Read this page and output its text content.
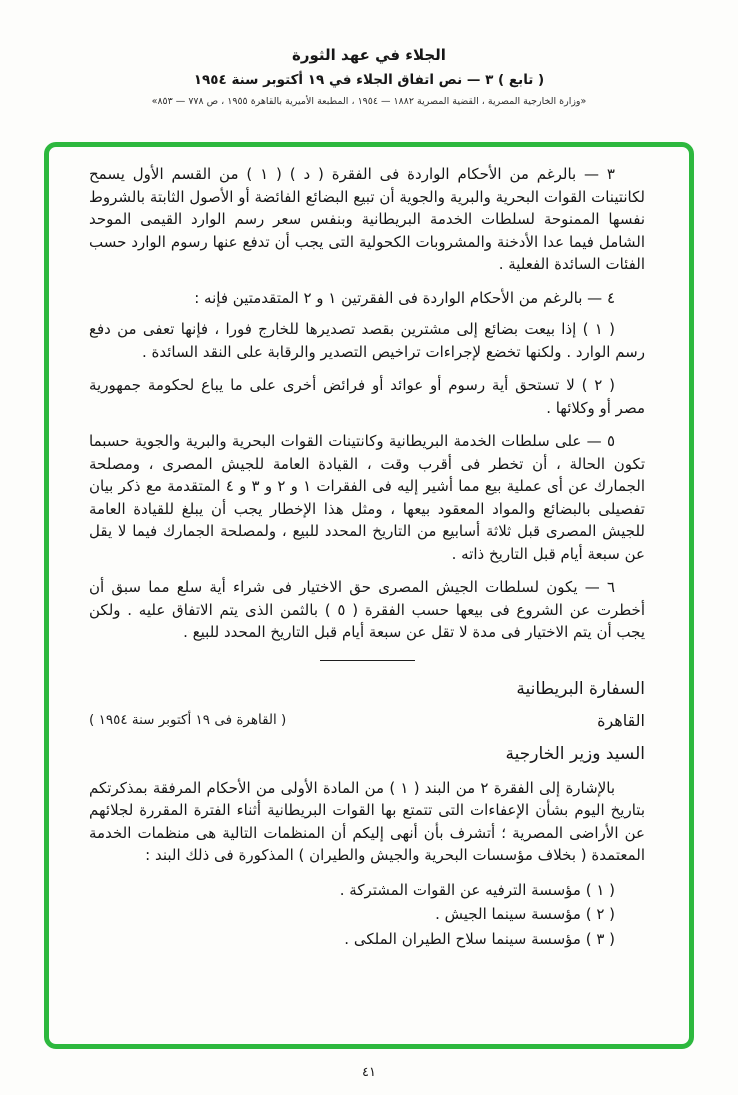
الجلاء في عهد الثورة
( تابع ) ٣ — نص اتفاق الجلاء في ١٩ أكتوبر سنة ١٩٥٤
«وزارة الخارجية المصرية ، القضية المصرية ١٨٨٢ — ١٩٥٤ ، المطبعة الأميرية بالقاهرة ١٩٥٥ ، ص ٧٧٨ — ٨٥٣»

٣ — بالرغم من الأحكام الواردة فى الفقرة ( د ) ( ١ ) من القسم الأول يسمح لكانتينات القوات البحرية والبرية والجوية أن تبيع البضائع الفائضة أو الأصول الثابتة بالشروط نفسها الممنوحة لسلطات الخدمة البريطانية وبنفس سعر رسم الوارد القيمى الموحد الشامل فيما عدا الأدخنة والمشروبات الكحولية التى يجب أن تدفع عنها رسوم الوارد حسب الفئات السائدة الفعلية .

٤ — بالرغم من الأحكام الواردة فى الفقرتين ١ و ٢ المتقدمتين فإنه :

( ١ ) إذا بيعت بضائع إلى مشترين بقصد تصديرها للخارج فورا ، فإنها تعفى من دفع رسم الوارد . ولكنها تخضع لإجراءات تراخيص التصدير والرقابة على النقد السائدة .

( ٢ ) لا تستحق أية رسوم أو عوائد أو فرائض أخرى على ما يباع لحكومة جمهورية مصر أو وكلائها .

٥ — على سلطات الخدمة البريطانية وكانتينات القوات البحرية والبرية والجوية حسبما تكون الحالة ، أن تخطر فى أقرب وقت ، القيادة العامة للجيش المصرى ، ومصلحة الجمارك عن أى عملية بيع مما أشير إليه فى الفقرات ١ و ٢ و ٣ و ٤ المتقدمة مع ذكر بيان تفصيلى بالبضائع والمواد المعقود بيعها ، ومثل هذا الإخطار يجب أن يبلغ للقيادة العامة للجيش المصرى قبل ثلاثة أسابيع من التاريخ المحدد للبيع ، ولمصلحة الجمارك فيما لا يقل عن سبعة أيام قبل التاريخ ذاته .

٦ — يكون لسلطات الجيش المصرى حق الاختيار فى شراء أية سلع مما سبق أن أخطرت عن الشروع فى بيعها حسب الفقرة ( ٥ ) بالثمن الذى يتم الاتفاق عليه . ولكن يجب أن يتم الاختيار فى مدة لا تقل عن سبعة أيام قبل التاريخ المحدد للبيع .

السفارة البريطانية
القاهرة
( القاهرة فى ١٩ أكتوبر سنة ١٩٥٤ )
السيد وزير الخارجية

بالإشارة إلى الفقرة ٢ من البند ( ١ ) من المادة الأولى من الأحكام المرفقة بمذكرتكم بتاريخ اليوم بشأن الإعفاءات التى تتمتع بها القوات البريطانية أثناء الفترة المقررة لجلائهم عن الأراضى المصرية ؛ أتشرف بأن أنهى إليكم أن المنظمات التالية هى منظمات الخدمة المعتمدة ( بخلاف مؤسسات البحرية والجيش والطيران ) المذكورة فى ذلك البند :

( ١ ) مؤسسة الترفيه عن القوات المشتركة .
( ٢ ) مؤسسة سينما الجيش .
( ٣ ) مؤسسة سينما سلاح الطيران الملكى .
٤١
